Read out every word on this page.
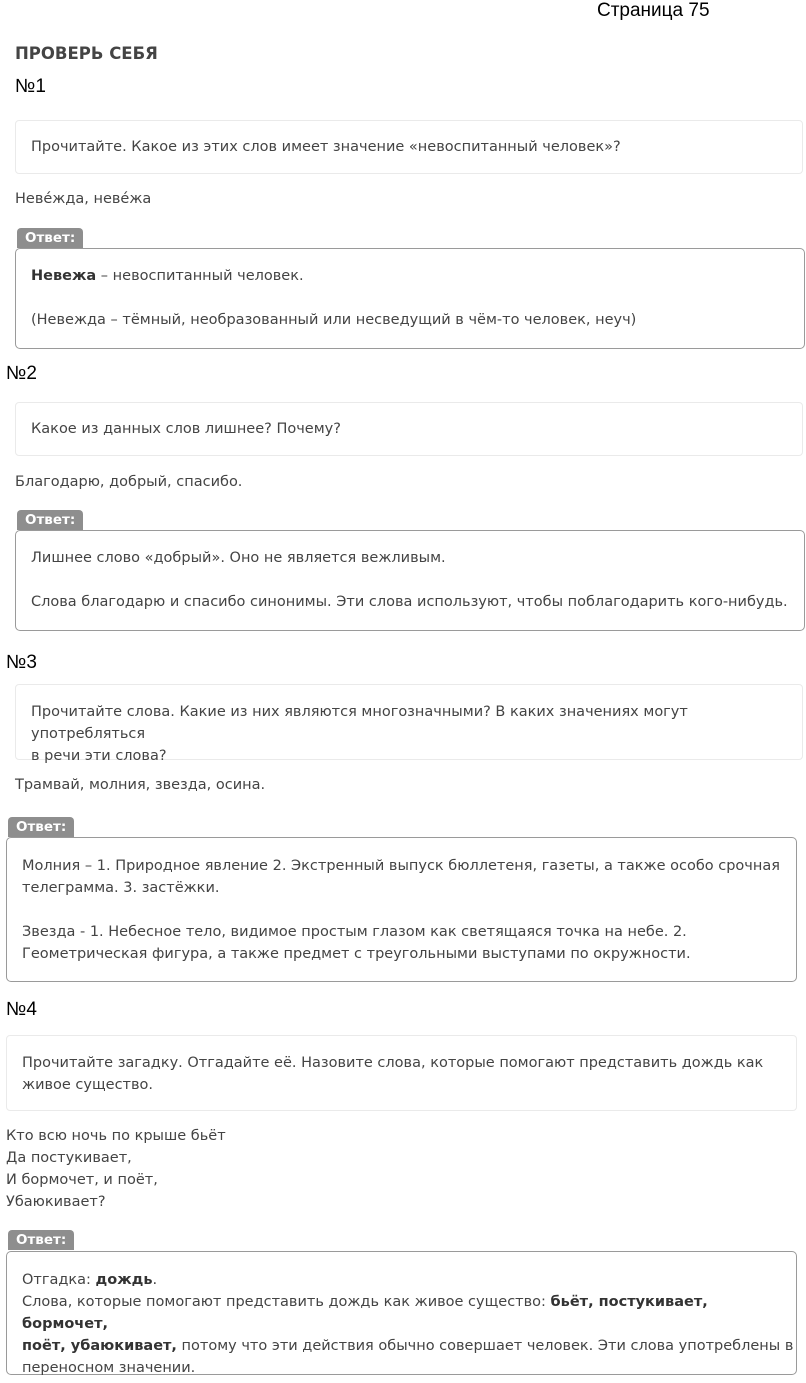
Страница 75
ПРОВЕРЬ СЕБЯ
№1
Прочитайте. Какое из этих слов имеет значение «невоспитанный человек»?
Неве́жда, неве́жа
Ответ:

Невежа – невоспитанный человек.

(Невежда – тёмный, необразованный или несведущий в чём-то человек, неуч)

№2
Какое из данных слов лишнее? Почему?
Благодарю, добрый, спасибо.
Ответ:

Лишнее слово «добрый». Оно не является вежливым.

Слова благодарю и спасибо синонимы. Эти слова используют, чтобы поблагодарить кого-нибудь.

№3
Прочитайте слова. Какие из них являются многозначными? В каких значениях могут употребляться
в речи эти слова?
Трамвай, молния, звезда, осина.
Ответ:

Молния – 1. Природное явление 2. Экстренный выпуск бюллетеня, газеты, а также особо срочная

телеграмма. 3. застёжки.

Звезда - 1. Небесное тело, видимое простым глазом как светящаяся точка на небе. 2.

Геометрическая фигура, а также предмет с треугольными выступами по окружности.

№4
Прочитайте загадку. Отгадайте её. Назовите слова, которые помогают представить дождь как
живое существо.
Кто всю ночь по крыше бьёт
Да постукивает,
И бормочет, и поёт,
Убаюкивает?
Ответ:

Отгадка: дождь.

Слова, которые помогают представить дождь как живое существо: бьёт, постукивает, бормочет,

поёт, убаюкивает, потому что эти действия обычно совершает человек. Эти слова употреблены в

переносном значении.
